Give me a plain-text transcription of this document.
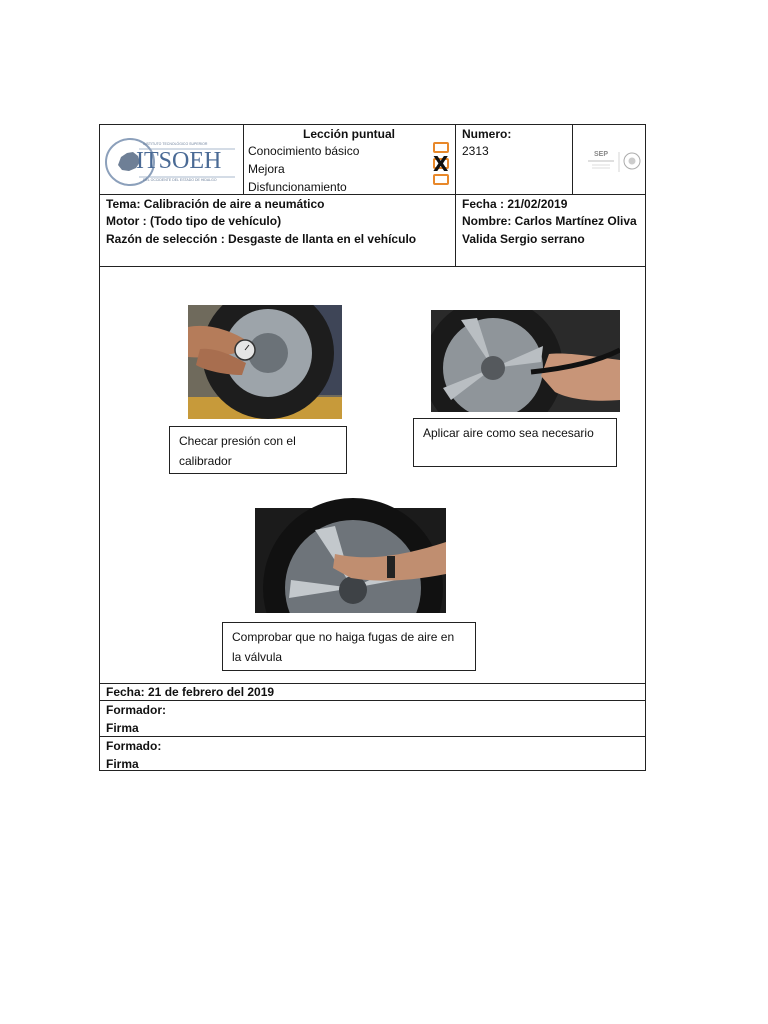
ITSOEH
INSTITUTO TECNOLÓGICO SUPERIOR
DEL OCCIDENTE DEL ESTADO DE HIDALGO
Lección puntual
Conocimiento básico
Mejora
Disfuncionamiento
X
Numero:
2313	SEP
Tema: Calibración de aire a neumático
Motor : (Todo tipo de vehículo)
Razón de selección : Desgaste de llanta en el vehículo
Fecha : 21/02/2019
Nombre: Carlos Martínez Oliva
Valida Sergio serrano
Checar presión con el
calibrador
Aplicar aire como sea necesario
Comprobar que no haiga fugas de aire en
la válvula
Fecha: 21 de febrero del 2019
Formador:
Firma
Formado:
Firma
